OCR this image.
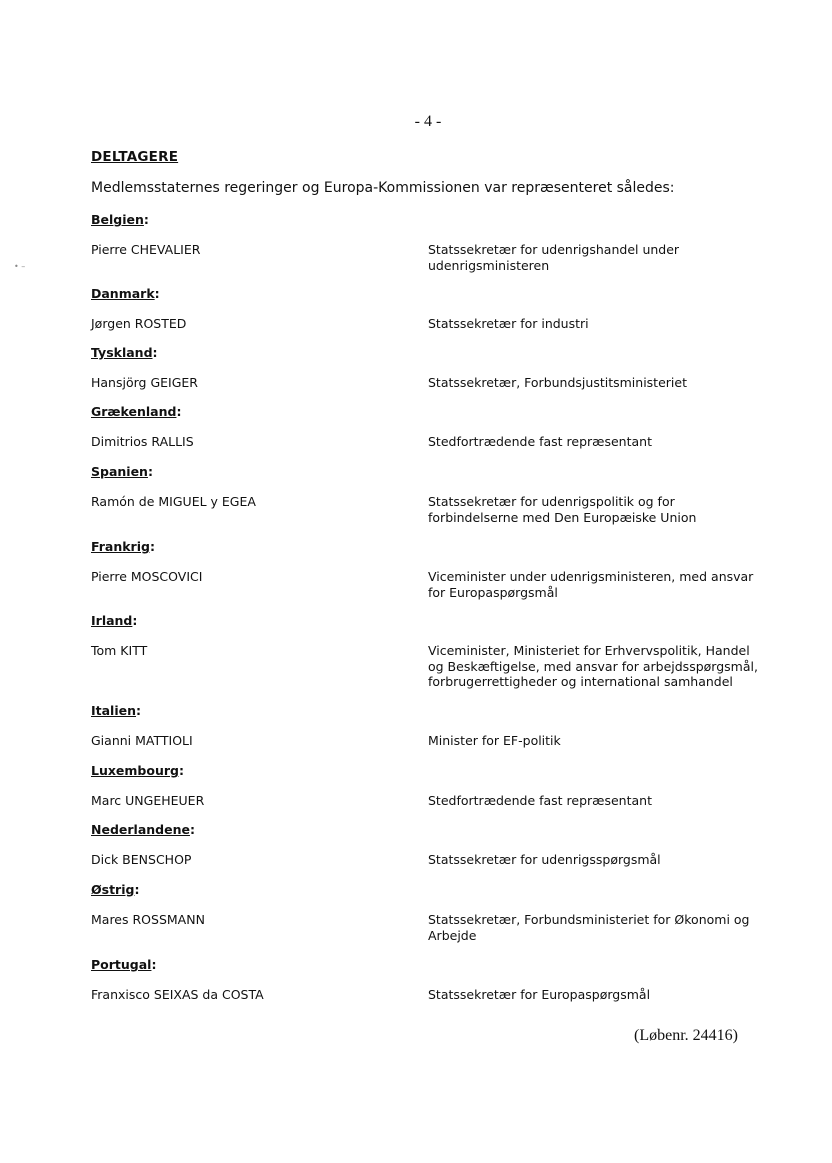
- 4 -
DELTAGERE
Medlemsstaternes regeringer og Europa-Kommissionen var repræsenteret således:
• –
Belgien:
Pierre CHEVALIER	Statssekretær for udenrigshandel under
udenrigsministeren
Danmark:
Jørgen ROSTED	Statssekretær for industri
Tyskland:
Hansjörg GEIGER	Statssekretær, Forbundsjustitsministeriet
Grækenland:
Dimitrios RALLIS	Stedfortrædende fast repræsentant
Spanien:
Ramón de MIGUEL y EGEA	Statssekretær for udenrigspolitik og for
forbindelserne med Den Europæiske Union
Frankrig:
Pierre MOSCOVICI	Viceminister under udenrigsministeren, med ansvar
for Europaspørgsmål
Irland:
Tom KITT	Viceminister, Ministeriet for Erhvervspolitik, Handel
og Beskæftigelse, med ansvar for arbejdsspørgsmål,
forbrugerrettigheder og international samhandel
Italien:
Gianni MATTIOLI	Minister for EF-politik
Luxembourg:
Marc UNGEHEUER	Stedfortrædende fast repræsentant
Nederlandene:
Dick BENSCHOP	Statssekretær for udenrigsspørgsmål
Østrig:
Mares ROSSMANN	Statssekretær, Forbundsministeriet for Økonomi og
Arbejde
Portugal:
Franxisco SEIXAS da COSTA	Statssekretær for Europaspørgsmål
(Løbenr. 24416)
